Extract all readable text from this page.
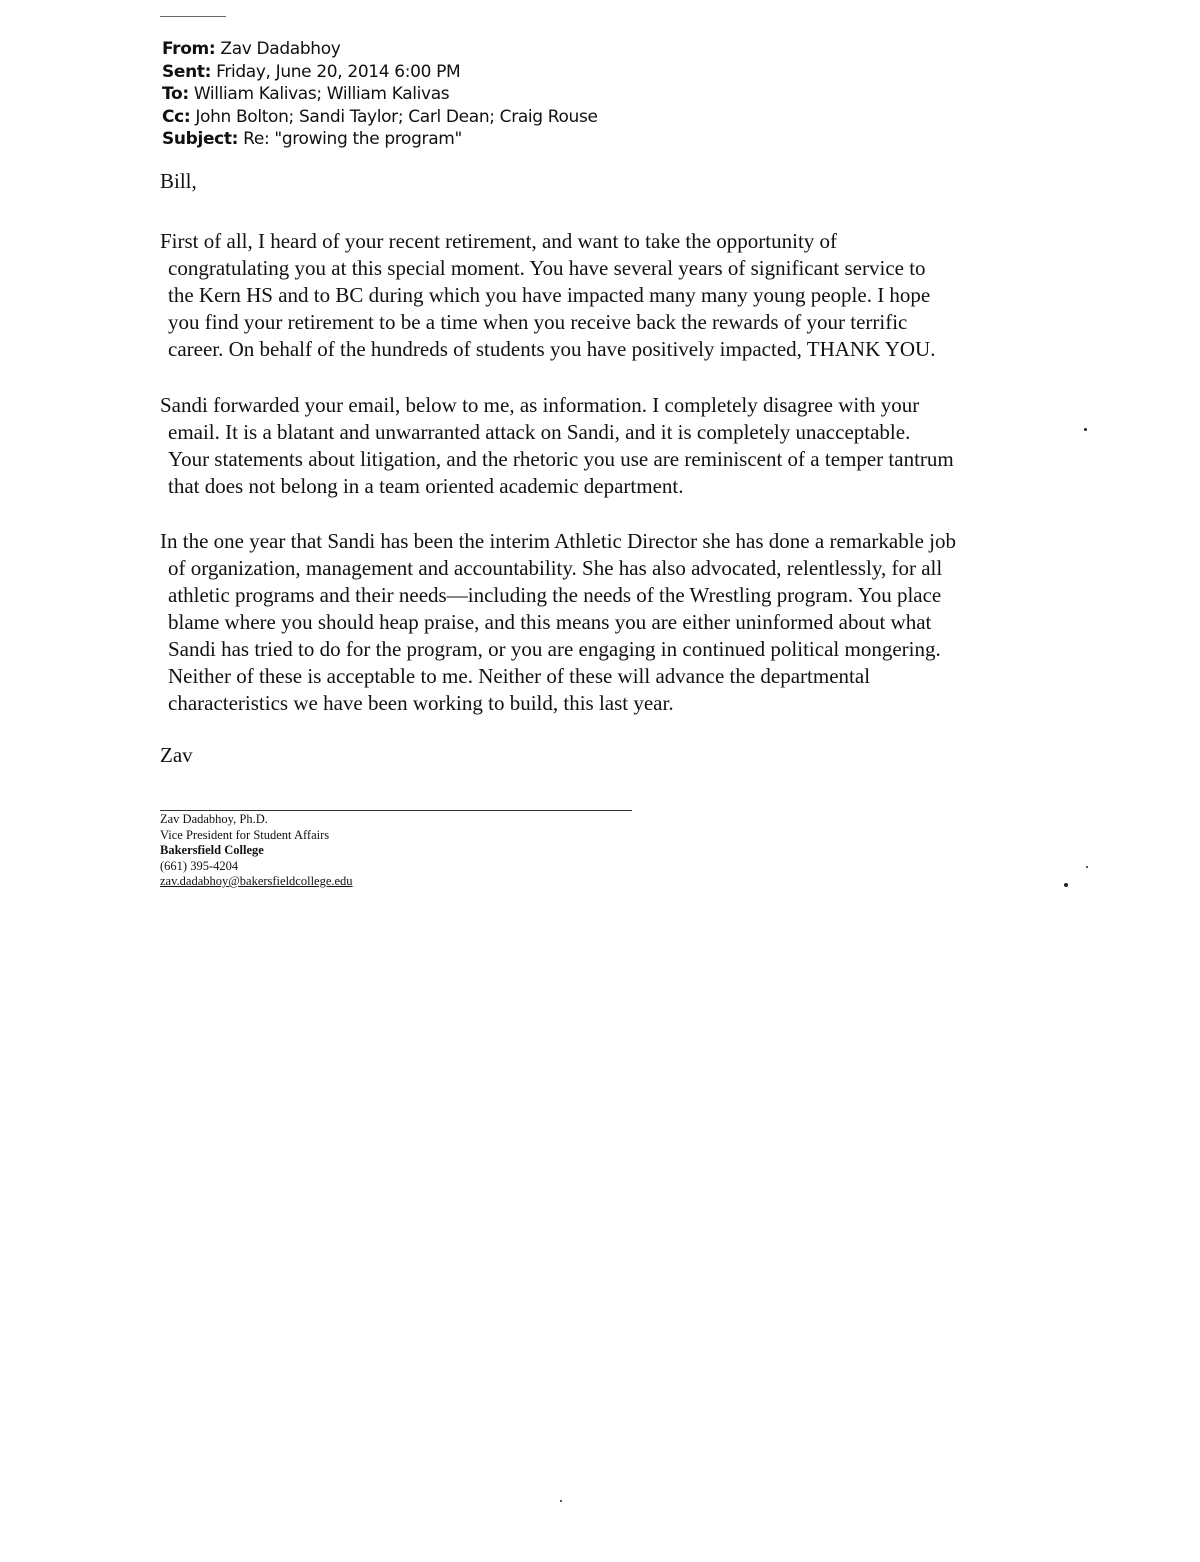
From: Zav Dadabhoy
Sent: Friday, June 20, 2014 6:00 PM
To: William Kalivas; William Kalivas
Cc: John Bolton; Sandi Taylor; Carl Dean; Craig Rouse
Subject: Re: "growing the program"
Bill,
First of all, I heard of your recent retirement, and want to take the opportunity of
congratulating you at this special moment. You have several years of significant service to
the Kern HS and to BC during which you have impacted many many young people. I hope
you find your retirement to be a time when you receive back the rewards of your terrific
career. On behalf of the hundreds of students you have positively impacted, THANK YOU.
Sandi forwarded your email, below to me, as information. I completely disagree with your
email. It is a blatant and unwarranted attack on Sandi, and it is completely unacceptable.
Your statements about litigation, and the rhetoric you use are reminiscent of a temper tantrum
that does not belong in a team oriented academic department.
In the one year that Sandi has been the interim Athletic Director she has done a remarkable job
of organization, management and accountability. She has also advocated, relentlessly, for all
athletic programs and their needs—including the needs of the Wrestling program. You place
blame where you should heap praise, and this means you are either uninformed about what
Sandi has tried to do for the program, or you are engaging in continued political mongering.
Neither of these is acceptable to me. Neither of these will advance the departmental
characteristics we have been working to build, this last year.
Zav
Zav Dadabhoy, Ph.D.
Vice President for Student Affairs
Bakersfield College
(661) 395-4204
zav.dadabhoy@bakersfieldcollege.edu
